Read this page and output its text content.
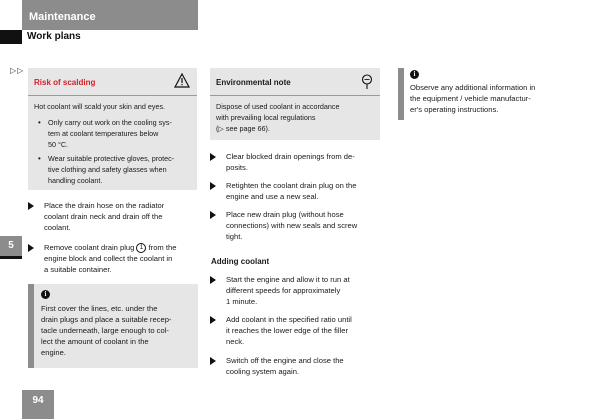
Maintenance
Work plans
▷▷
5
94
Risk of scalding
Hot coolant will scald your skin and eyes.
• Only carry out work on the cooling sys-
tem at coolant temperatures below
50 °C.
• Wear suitable protective gloves, protec-
tive clothing and safety glasses when
handling coolant.
Place the drain hose on the radiator
coolant drain neck and drain off the
coolant.
Remove coolant drain plug 1 from the
engine block and collect the coolant in
a suitable container.
i
First cover the lines, etc. under the
drain plugs and place a suitable recep-
tacle underneath, large enough to col-
lect the amount of coolant in the
engine.
Environmental note
Dispose of used coolant in accordance
with prevailing local regulations
(▷ see page 66).
Clear blocked drain openings from de-
posits.
Retighten the coolant drain plug on the
engine and use a new seal.
Place new drain plug (without hose
connections) with new seals and screw
tight.
Adding coolant
Start the engine and allow it to run at
different speeds for approximately
1 minute.
Add coolant in the specified ratio until
it reaches the lower edge of the filler
neck.
Switch off the engine and close the
cooling system again.
i
Observe any additional information in
the equipment / vehicle manufactur-
er's operating instructions.
